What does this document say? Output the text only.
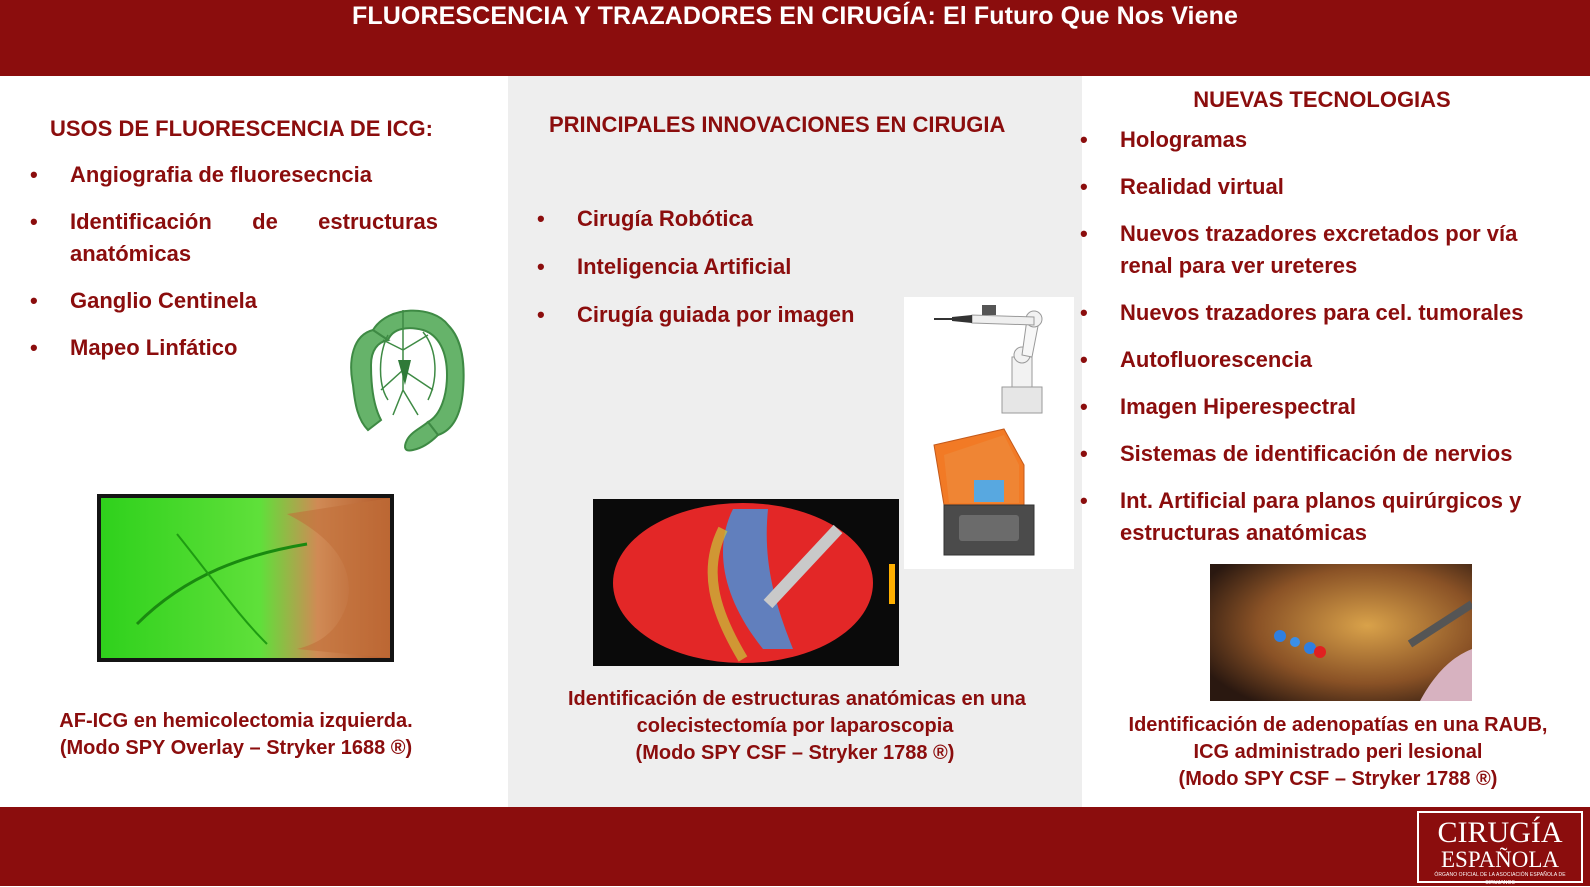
FLUORESCENCIA Y TRAZADORES EN CIRUGÍA: El Futuro Que Nos Viene
USOS DE FLUORESCENCIA DE ICG:
• Angiografia de fluoresecncia
• Identificación de estructuras anatómicas
• Ganglio Centinela
• Mapeo Linfático
AF-ICG en hemicolectomia izquierda.
(Modo SPY Overlay – Stryker 1688 ®)
PRINCIPALES INNOVACIONES EN CIRUGIA
• Cirugía Robótica
• Inteligencia Artificial
• Cirugía guiada por imagen
Identificación de estructuras anatómicas en una
colecistectomía por laparoscopia
(Modo SPY CSF – Stryker 1788 ®)
NUEVAS TECNOLOGIAS
• Hologramas
• Realidad virtual
• Nuevos trazadores excretados por vía renal para ver ureteres
• Nuevos trazadores para cel. tumorales
• Autofluorescencia
• Imagen Hiperespectral
• Sistemas de identificación de nervios
• Int. Artificial para planos quirúrgicos y estructuras anatómicas
Identificación de adenopatías en una RAUB,
ICG administrado peri lesional
(Modo SPY CSF – Stryker 1788 ®)
CIRUGÍA
ESPAÑOLA
ÓRGANO OFICIAL DE LA ASOCIACIÓN ESPAÑOLA DE CIRUJANOS
